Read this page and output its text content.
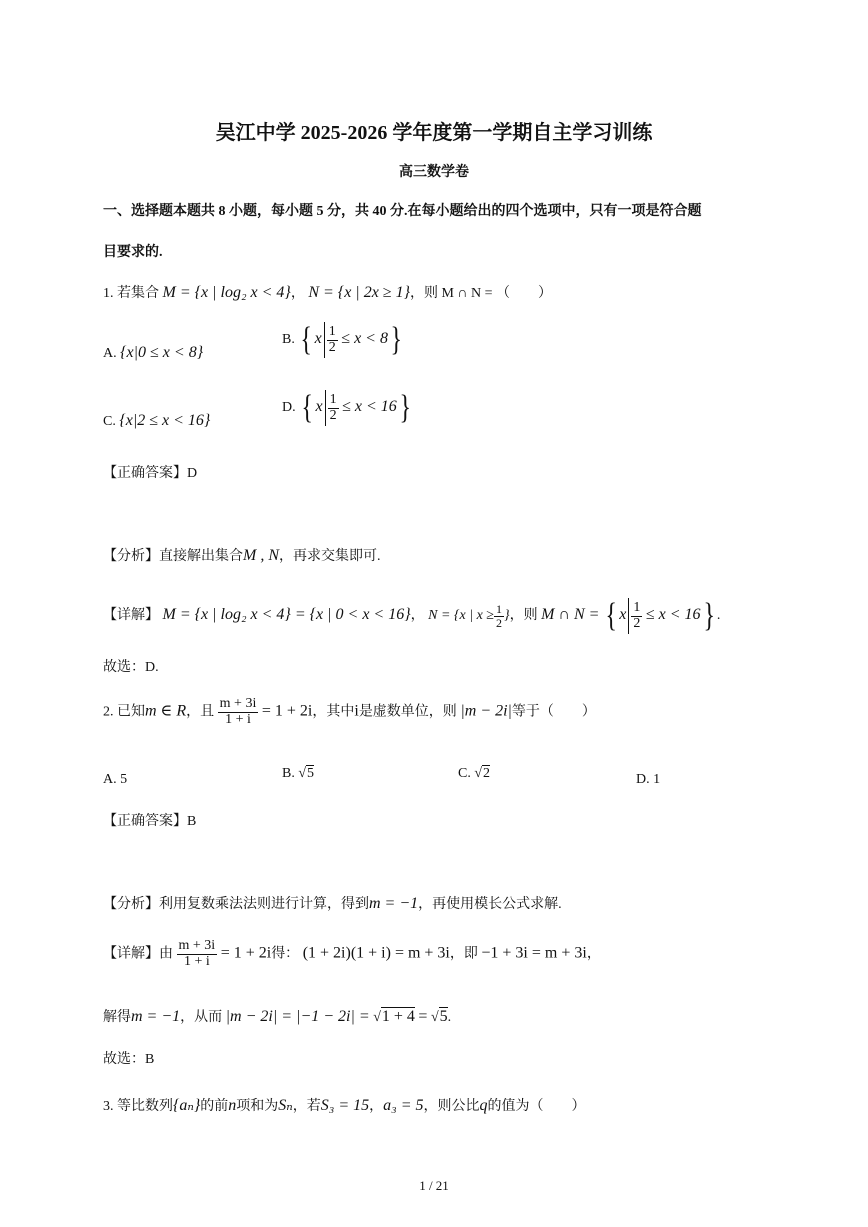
吴江中学 2025-2026 学年度第一学期自主学习训练
高三数学卷
一、选择题本题共 8 小题，每小题 5 分，共 40 分.在每小题给出的四个选项中，只有一项是符合题
目要求的.
1. 若集合 M = {x | log₂ x < 4}， N = {x | 2x ≥ 1}，则 M ∩ N = （　　）
A. {x|0 ≤ x < 8}
B. { x $\frac{1}{2} \le x < 8$}
C. {x|2 ≤ x < 16}
D. { x $\frac{1}{2} \le x < 16$}
【正确答案】D
【分析】直接解出集合M , N，再求交集即可.
【详解】 M = {x | log₂ x < 4} = {x | 0 < x < 16}， N = {x | $x \ge \frac{1}{2}$ }，则 M ∩ N = { x $\frac{1}{2} \le x < 16$} .
故选：D.
2. 已知m ∈ R，且 $\frac{m + 3i}{1 + i} = 1 + 2i$，其中i是虚数单位，则 |m − 2i|等于（　　）
A. 5	B. √5	C. √2	D. 1
【正确答案】B
【分析】利用复数乘法法则进行计算，得到m = −1，再使用模长公式求解.
【详解】由 $\frac{m + 3i}{1 + i} = 1 + 2i$得： (1 + 2i)(1 + i) = m + 3i，即 −1 + 3i = m + 3i，
解得m = −1，从而 |m − 2i| = |−1 − 2i| = √1 + 4 = √5.
故选：B
3. 等比数列{aₙ}的前n项和为Sₙ，若S₃ = 15，a₃ = 5，则公比q的值为（　　）
1 / 21
